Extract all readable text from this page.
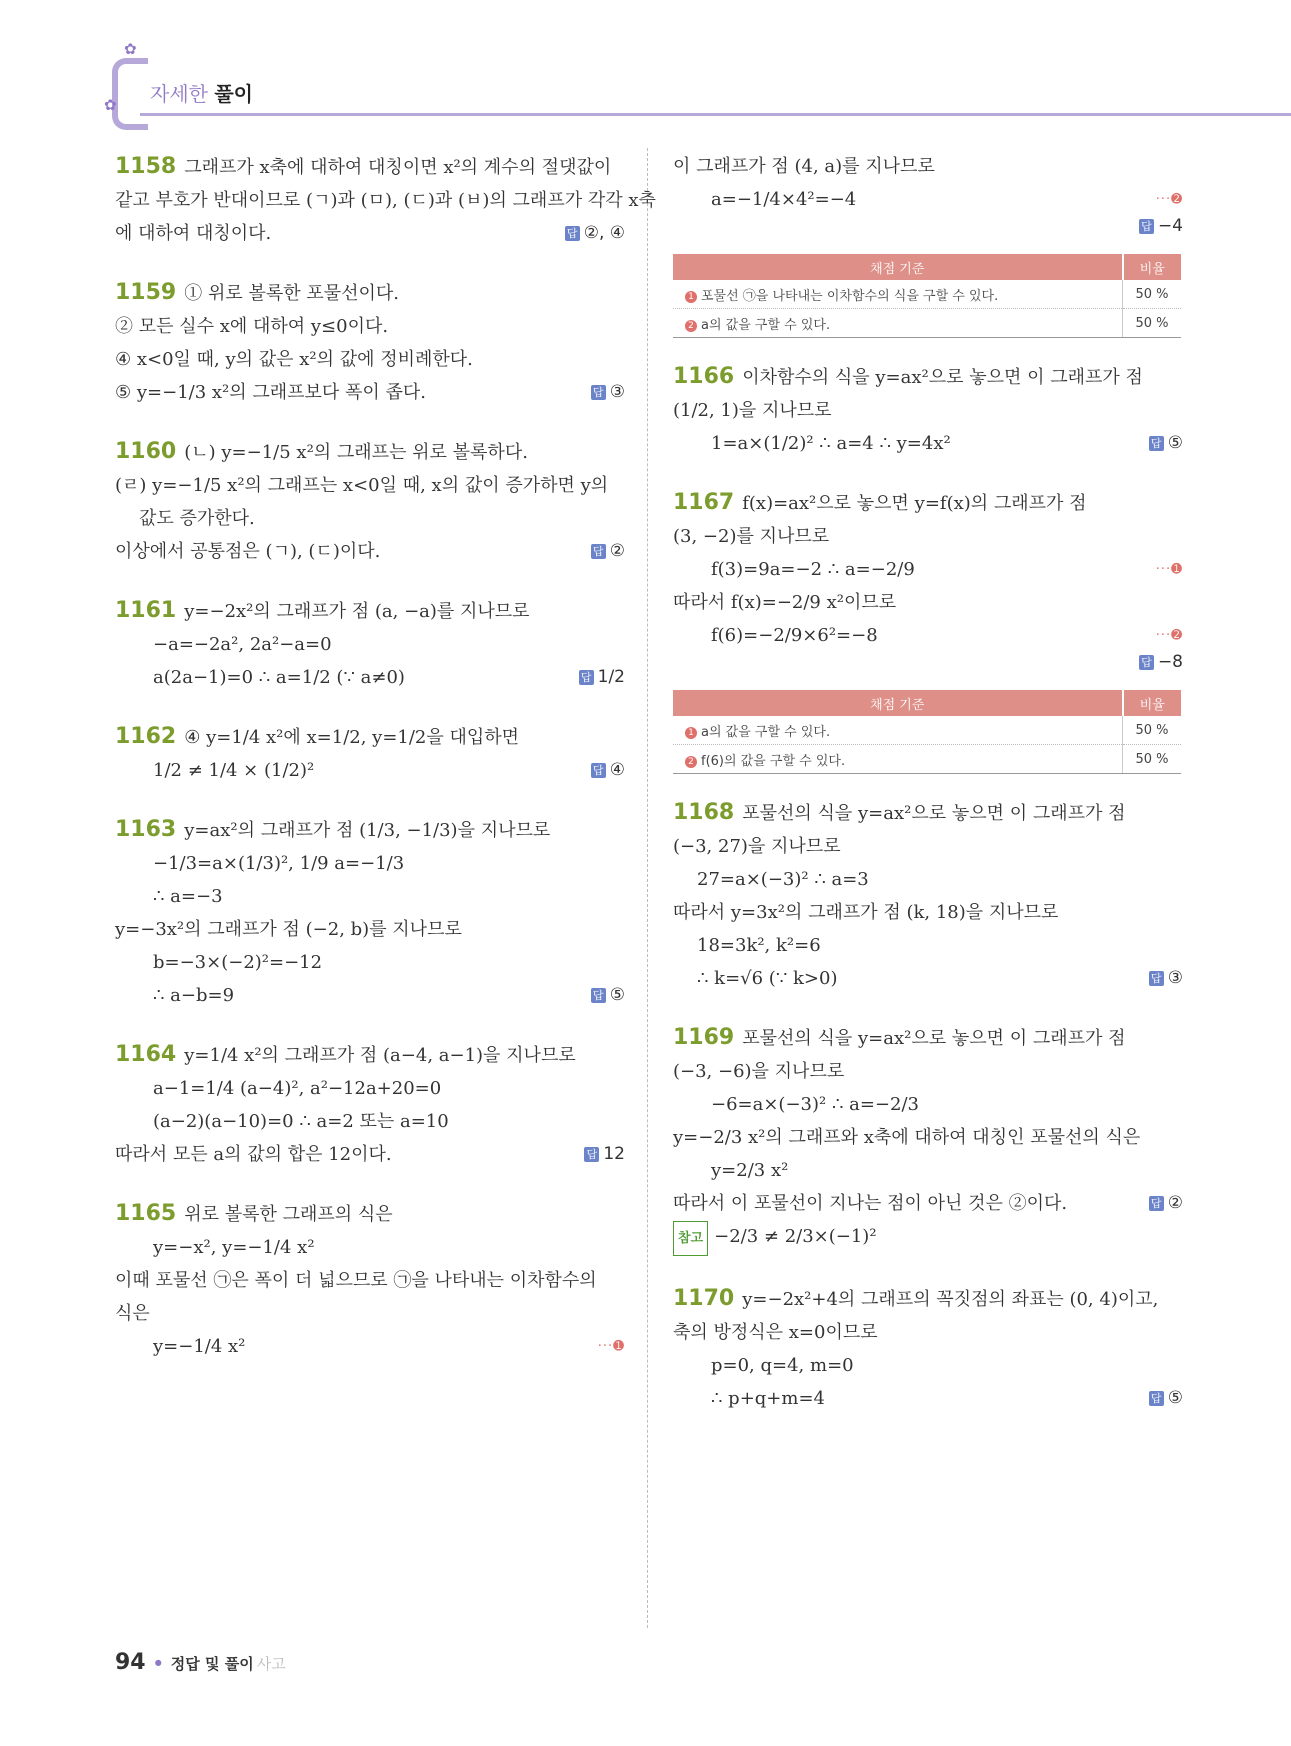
✿
자세한 풀이
✿
1158 그래프가 x축에 대하여 대칭이면 x²의 계수의 절댓값이
같고 부호가 반대이므로 (ㄱ)과 (ㅁ), (ㄷ)과 (ㅂ)의 그래프가 각각 x축
에 대하여 대칭이다.	답 ②, ④
1159 ① 위로 볼록한 포물선이다.
② 모든 실수 x에 대하여 y≤0이다.
④ x<0일 때, y의 값은 x²의 값에 정비례한다.
⑤ y=−1/3 x²의 그래프보다 폭이 좁다.	답 ③
1160 (ㄴ) y=−1/5 x²의 그래프는 위로 볼록하다.
(ㄹ) y=−1/5 x²의 그래프는 x<0일 때, x의 값이 증가하면 y의
값도 증가한다.
이상에서 공통점은 (ㄱ), (ㄷ)이다.	답 ②
1161 y=−2x²의 그래프가 점 (a, −a)를 지나므로
−a=−2a², 2a²−a=0
a(2a−1)=0 ∴ a=1/2 (∵ a≠0)	답 1/2
1162 ④ y=1/4 x²에 x=1/2, y=1/2을 대입하면
1/2 ≠ 1/4 × (1/2)²	답 ④
1163 y=ax²의 그래프가 점 (1/3, −1/3)을 지나므로
−1/3=a×(1/3)², 1/9 a=−1/3
∴ a=−3
y=−3x²의 그래프가 점 (−2, b)를 지나므로
b=−3×(−2)²=−12
∴ a−b=9	답 ⑤
1164 y=1/4 x²의 그래프가 점 (a−4, a−1)을 지나므로
a−1=1/4 (a−4)², a²−12a+20=0
(a−2)(a−10)=0 ∴ a=2 또는 a=10
따라서 모든 a의 값의 합은 12이다.	답 12
1165 위로 볼록한 그래프의 식은
y=−x², y=−1/4 x²
이때 포물선 ㉠은 폭이 더 넓으므로 ㉠을 나타내는 이차함수의
식은
y=−1/4 x²	···➊
이 그래프가 점 (4, a)를 지나므로
a=−1/4×4²=−4	···➋
답 −4
채점 기준	비율
1 포물선 ㉠을 나타내는 이차함수의 식을 구할 수 있다.	50 %
2 a의 값을 구할 수 있다.	50 %
1166 이차함수의 식을 y=ax²으로 놓으면 이 그래프가 점
(1/2, 1)을 지나므로
1=a×(1/2)² ∴ a=4 ∴ y=4x²	답 ⑤
1167 f(x)=ax²으로 놓으면 y=f(x)의 그래프가 점
(3, −2)를 지나므로
f(3)=9a=−2 ∴ a=−2/9	···➊
따라서 f(x)=−2/9 x²이므로
f(6)=−2/9×6²=−8	···➋
답 −8
채점 기준	비율
1 a의 값을 구할 수 있다.	50 %
2 f(6)의 값을 구할 수 있다.	50 %
1168 포물선의 식을 y=ax²으로 놓으면 이 그래프가 점
(−3, 27)을 지나므로
27=a×(−3)² ∴ a=3
따라서 y=3x²의 그래프가 점 (k, 18)을 지나므로
18=3k², k²=6
∴ k=√6 (∵ k>0)	답 ③
1169 포물선의 식을 y=ax²으로 놓으면 이 그래프가 점
(−3, −6)을 지나므로
−6=a×(−3)² ∴ a=−2/3
y=−2/3 x²의 그래프와 x축에 대하여 대칭인 포물선의 식은
y=2/3 x²
따라서 이 포물선이 지나는 점이 아닌 것은 ②이다.	답 ②
참고 −2/3 ≠ 2/3×(−1)²
1170 y=−2x²+4의 그래프의 꼭짓점의 좌표는 (0, 4)이고,
축의 방정식은 x=0이므로
p=0, q=4, m=0
∴ p+q+m=4	답 ⑤
94 ● 정답 및 풀이 사고
